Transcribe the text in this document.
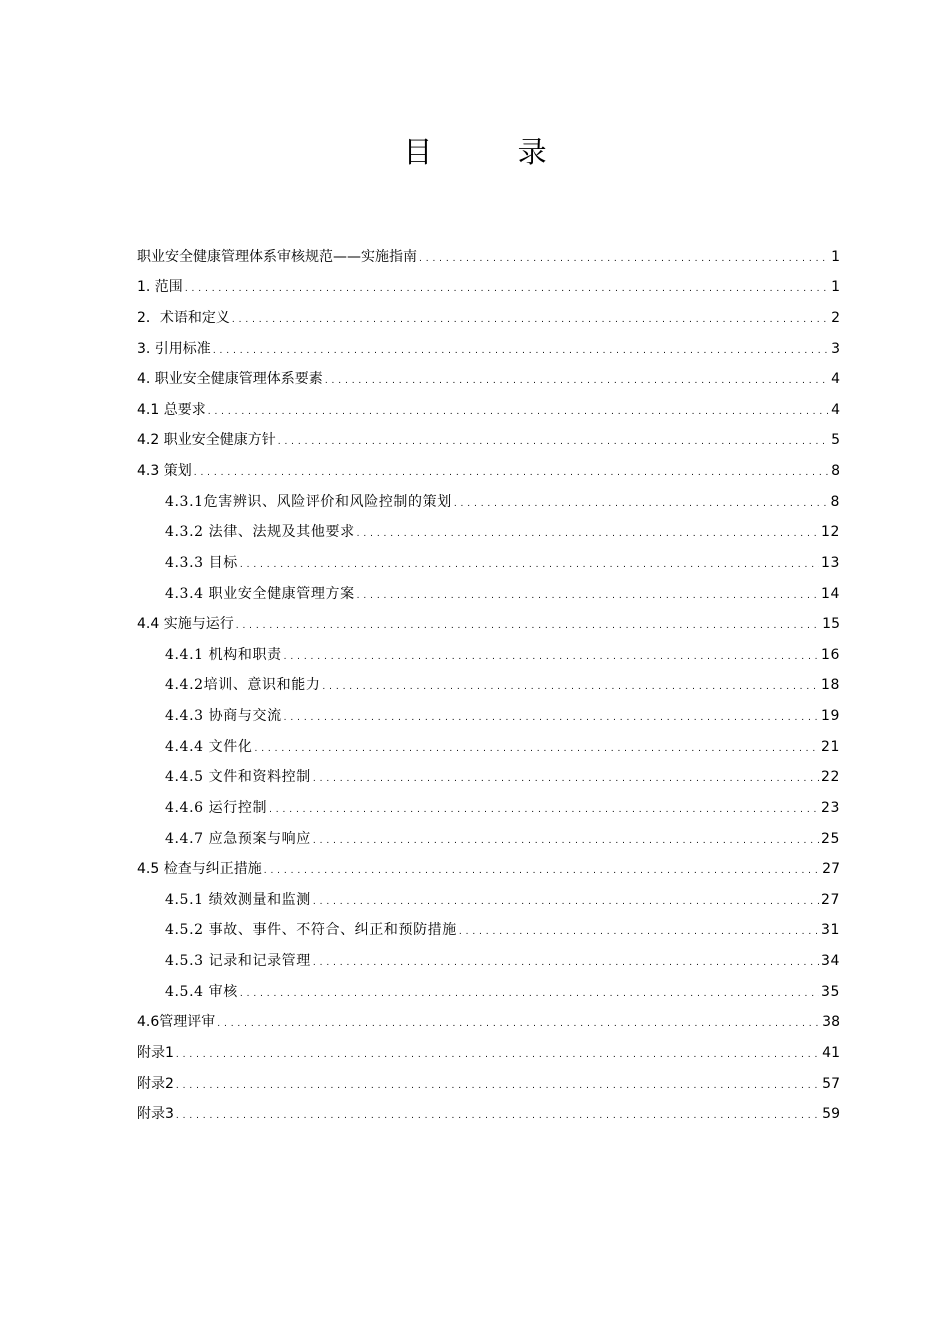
目 录
职业安全健康管理体系审核规范——实施指南 . . .	1
1. 范围 . . .	1
2．术语和定义 . . .	2
3. 引用标准 . . .	3
4. 职业安全健康管理体系要素 . . .	4
4.1 总要求 . . .	4
4.2 职业安全健康方针 . . .	5
4.3 策划 . . .	8
4.3.1危害辨识、风险评价和风险控制的策划 . . .	8
4.3.2 法律、法规及其他要求 . . .	12
4.3.3 目标 . . .	13
4.3.4 职业安全健康管理方案 . . .	14
4.4 实施与运行 . . .	15
4.4.1 机构和职责 . . .	16
4.4.2培训、意识和能力 . . .	18
4.4.3 协商与交流 . . .	19
4.4.4 文件化 . . .	21
4.4.5 文件和资料控制 . . .	22
4.4.6 运行控制 . . .	23
4.4.7 应急预案与响应 . . .	25
4.5 检查与纠正措施 . . .	27
4.5.1 绩效测量和监测 . . .	27
4.5.2 事故、事件、不符合、纠正和预防措施 . . .	31
4.5.3 记录和记录管理 . . .	34
4.5.4 审核 . . .	35
4.6管理评审 . . .	38
附录1 . . .	41
附录2 . . .	57
附录3 . . .	59
